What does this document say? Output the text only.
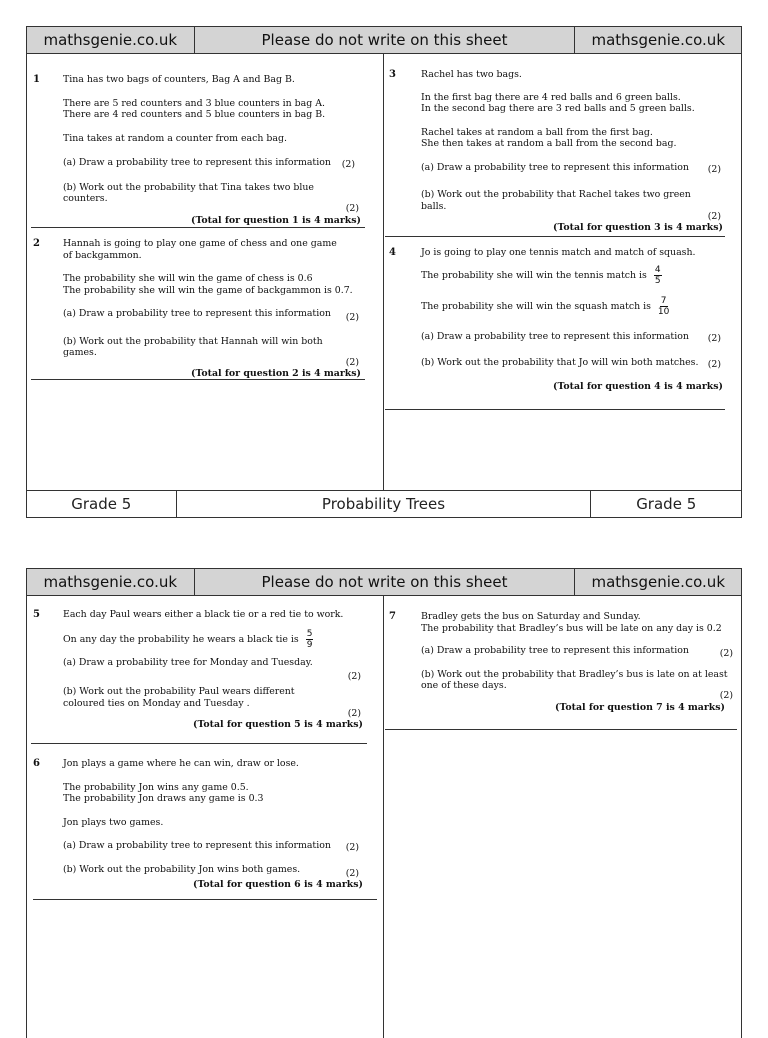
mathsgenie.co.uk	Please do not write on this sheet	mathsgenie.co.uk
1 Tina has two bags of counters, Bag A and Bag B.

There are 5 red counters and 3 blue counters in bag A.

There are 4 red counters and 5 blue counters in bag B.

Tina takes at random a counter from each bag.

(a) Draw a probability tree to represent this information (2)
(b) Work out the probability that Tina takes two blue counters.
(2)
(Total for question 1 is 4 marks)
2 Hannah is going to play one game of chess and one game of backgammon.

The probability she will win the game of chess is 0.6

The probability she will win the game of backgammon is 0.7.

(a) Draw a probability tree to represent this information (2)
(b) Work out the probability that Hannah will win both games.
(2)
(Total for question 2 is 4 marks)
3	Rachel has two bags.

In the first bag there are 4 red balls and 6 green balls.

In the second bag there are 3 red balls and 5 green balls.

Rachel takes at random a ball from the first bag.

She then takes at random a ball from the second bag.

(a) Draw a probability tree to represent this information (2)
(b) Work out the probability that Rachel takes two green balls.
(2)
(Total for question 3 is 4 marks)
4	Jo is going to play one tennis match and match of squash.

The probability she will win the tennis match is $\frac{4}{5}$

The probability she will win the squash match is $\frac{7}{10}$

(a) Draw a probability tree to represent this information (2)
(b) Work out the probability that Jo will win both matches. (2)
(Total for question 4 is 4 marks)
Grade 5	Probability Trees	Grade 5
mathsgenie.co.uk	Please do not write on this sheet	mathsgenie.co.uk
5 Each day Paul wears either a black tie or a red tie to work.

On any day the probability he wears a black tie is $\frac{5}{9}$

(a) Draw a probability tree for Monday and Tuesday.
(2)
(b) Work out the probability Paul wears different coloured ties on Monday and Tuesday .
(2)
(Total for question 5 is 4 marks)
6 Jon plays a game where he can win, draw or lose.

The probability Jon wins any game 0.5.

The probability Jon draws any game is 0.3

Jon plays two games.

(a) Draw a probability tree to represent this information (2)
(b) Work out the probability Jon wins both games.	(2)
(Total for question 6 is 4 marks)
7	Bradley gets the bus on Saturday and Sunday.

The probability that Bradley’s bus will be late on any day is 0.2

(a) Draw a probability tree to represent this information	(2)
(b) Work out the probability that Bradley’s bus is late on at least one of these days.
(2)
(Total for question 7 is 4 marks)
